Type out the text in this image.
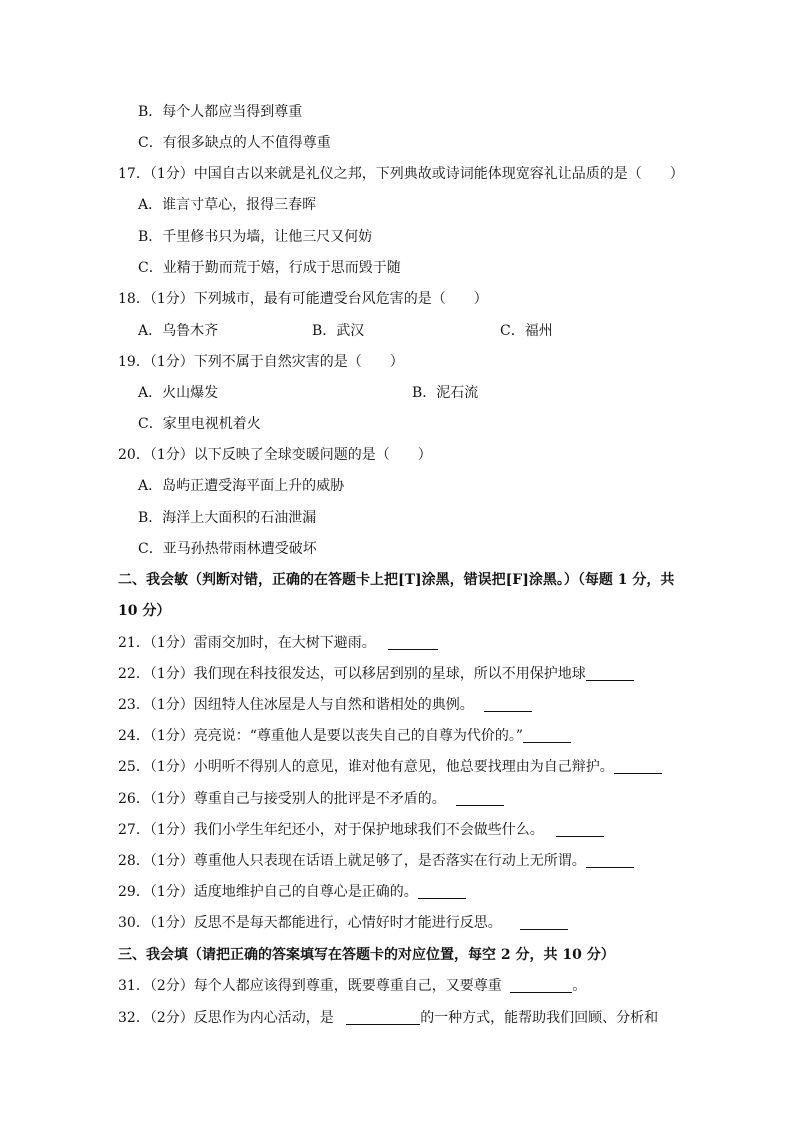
B．每个人都应当得到尊重
C．有很多缺点的人不值得尊重
17．（1分）中国自古以来就是礼仪之邦，下列典故或诗词能体现宽容礼让品质的是（　　）
A．谁言寸草心，报得三春晖
B．千里修书只为墙，让他三尺又何妨
C．业精于勤而荒于嬉，行成于思而毁于随
18．（1分）下列城市，最有可能遭受台风危害的是（　　）
A．乌鲁木齐	B．武汉	C．福州
19．（1分）下列不属于自然灾害的是（　　）
A．火山爆发	B．泥石流
C．家里电视机着火
20．（1分）以下反映了全球变暖问题的是（　　）
A．岛屿正遭受海平面上升的威胁
B．海洋上大面积的石油泄漏
C．亚马孙热带雨林遭受破坏
二、我会敏（判断对错，正确的在答题卡上把[T]涂黑，错误把[F]涂黑。）（每题 1 分，共
10 分）
21．（1分）雷雨交加时，在大树下避雨。
22．（1分）我们现在科技很发达，可以移居到别的星球，所以不用保护地球
23．（1分）因纽特人住冰屋是人与自然和谐相处的典例。
24．（1分）亮亮说：“尊重他人是要以丧失自己的自尊为代价的。”
25．（1分）小明听不得别人的意见，谁对他有意见，他总要找理由为自己辩护。
26．（1分）尊重自己与接受别人的批评是不矛盾的。
27．（1分）我们小学生年纪还小，对于保护地球我们不会做些什么。
28．（1分）尊重他人只表现在话语上就足够了，是否落实在行动上无所谓。
29．（1分）适度地维护自己的自尊心是正确的。
30．（1分）反思不是每天都能进行，心情好时才能进行反思。
三、我会填（请把正确的答案填写在答题卡的对应位置，每空 2 分，共 10 分）
31．（2分）每个人都应该得到尊重，既要尊重自己，又要尊重	。
32．（2分）反思作为内心活动，是	的一种方式，能帮助我们回顾、分析和
